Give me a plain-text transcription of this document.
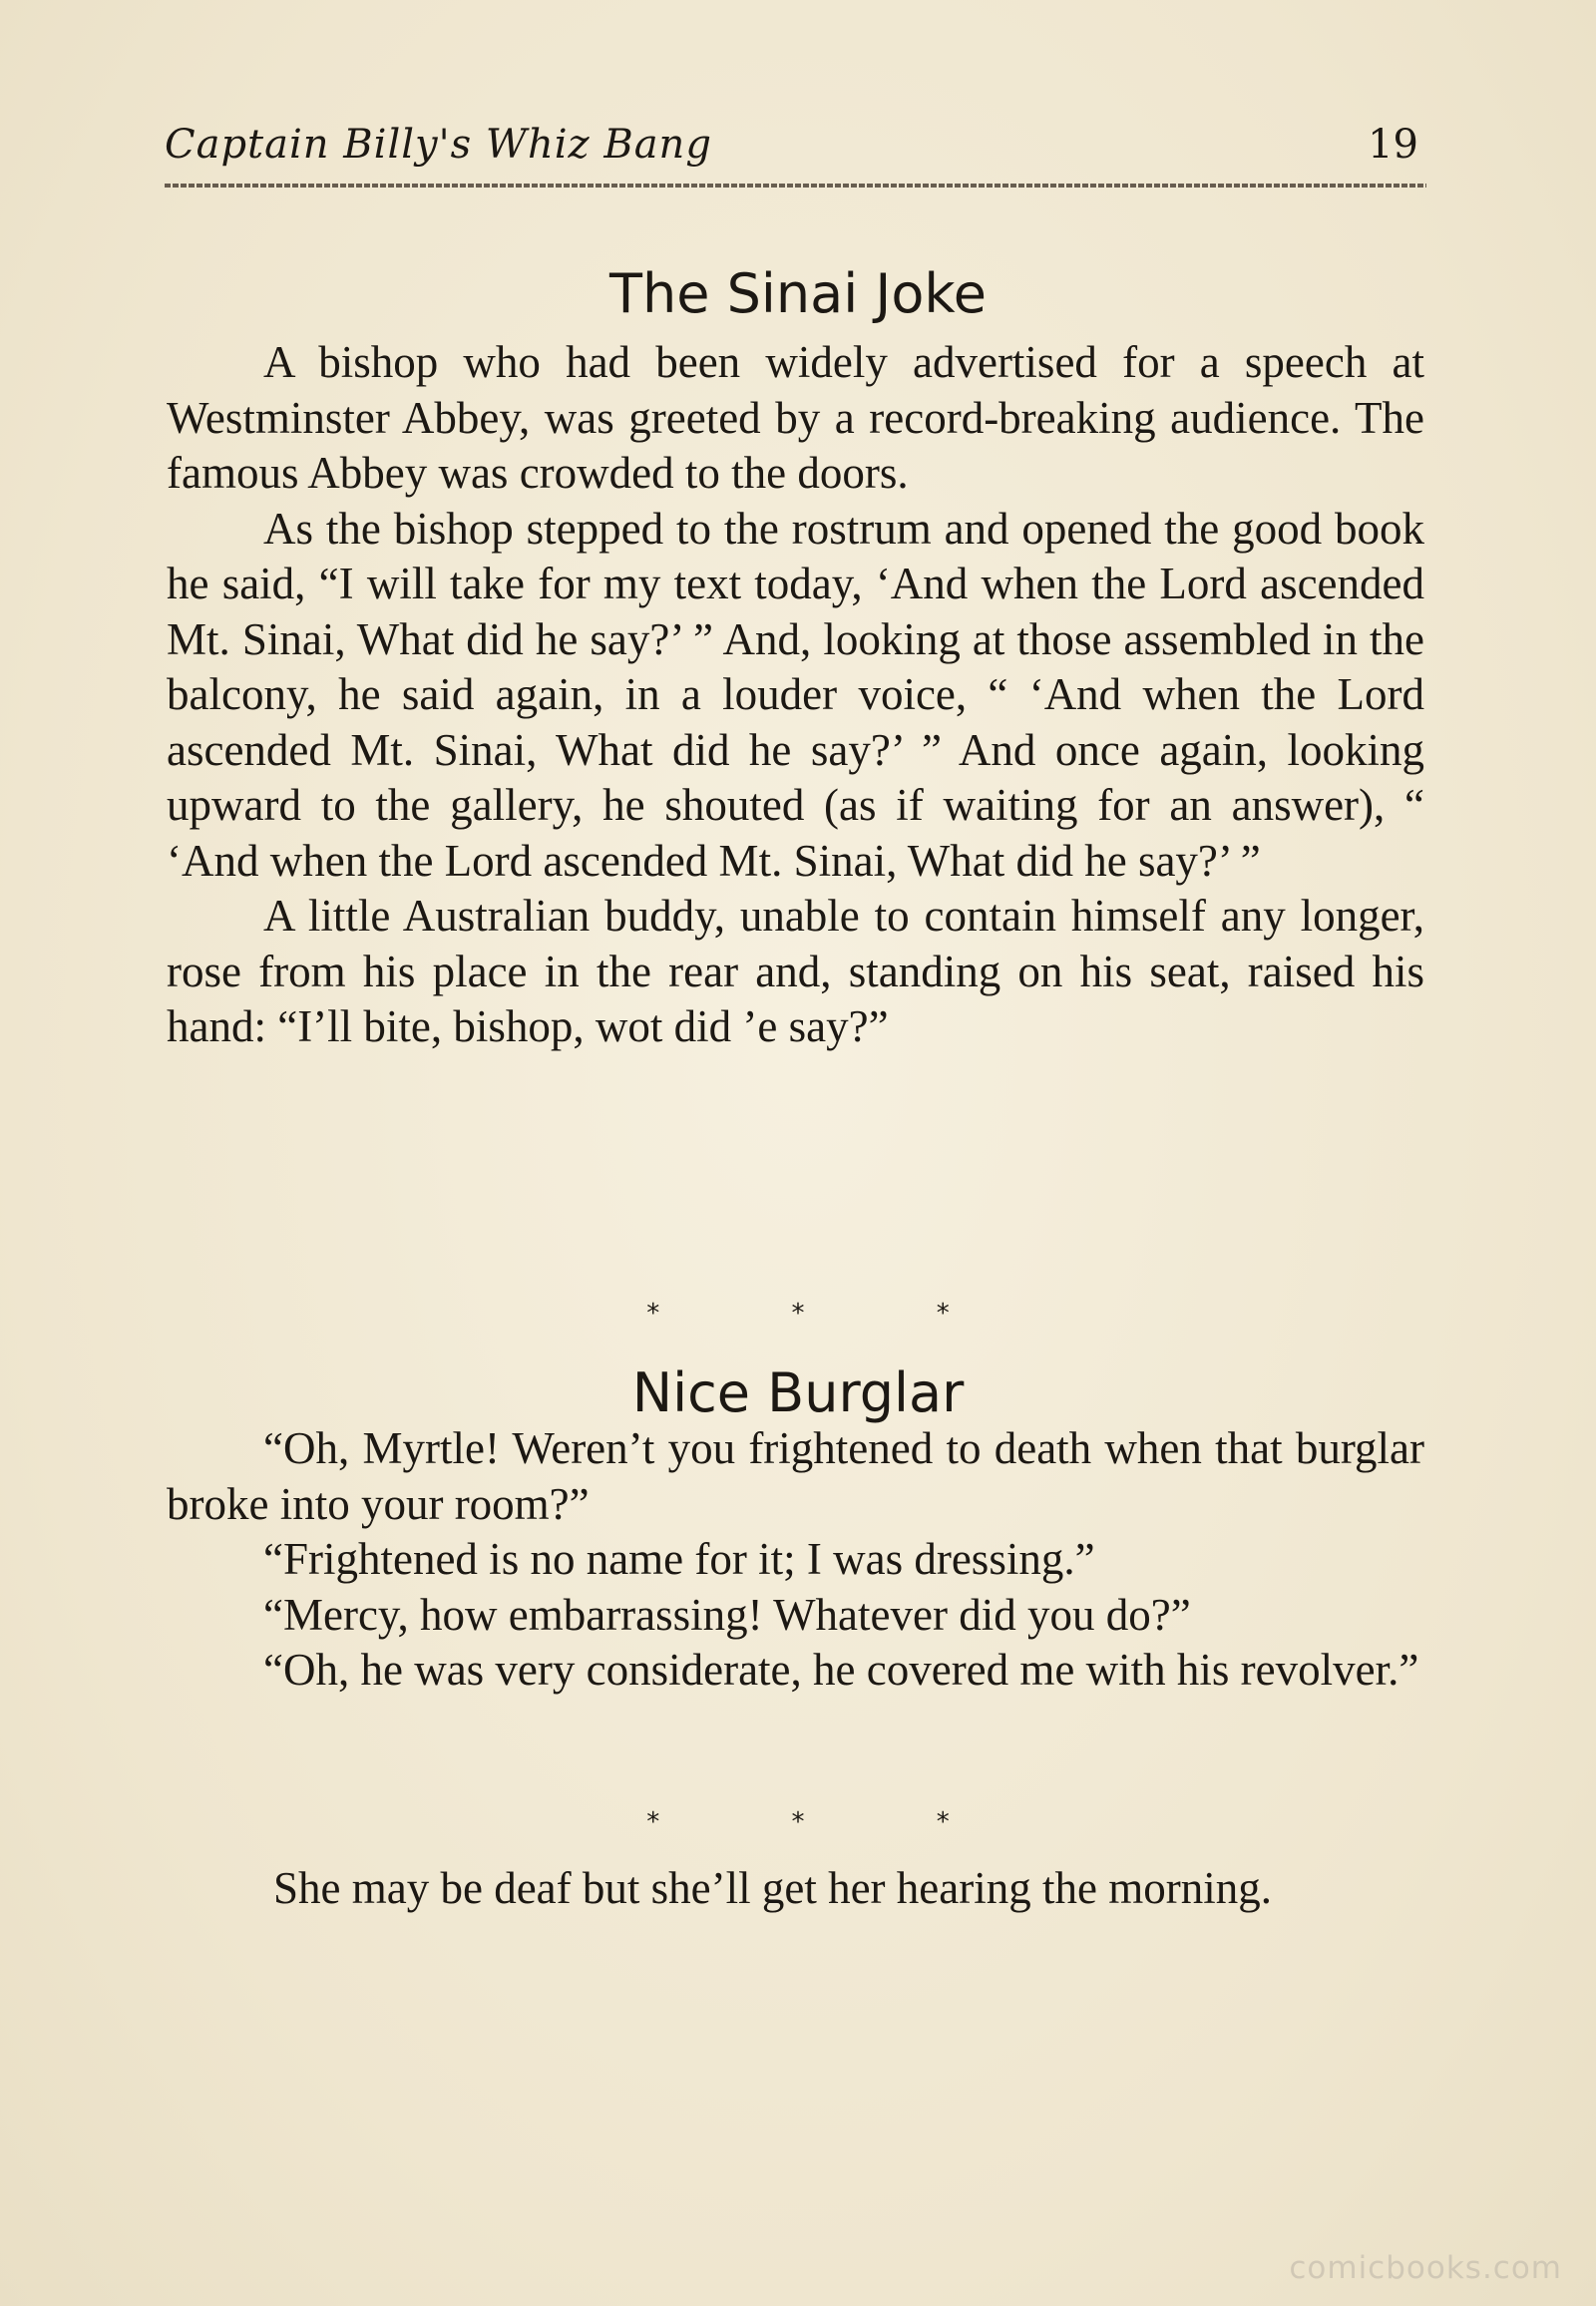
Captain Billy's Whiz Bang	19
The Sinai Joke

A bishop who had been widely advertised for a speech at Westminster Abbey, was greeted by a record-breaking audience. The famous Abbey was crowded to the doors.

As the bishop stepped to the rostrum and opened the good book he said, “I will take for my text today, ‘And when the Lord ascended Mt. Sinai, What did he say?’ ” And, looking at those assembled in the balcony, he said again, in a louder voice, “ ‘And when the Lord ascended Mt. Sinai, What did he say?’ ” And once again, looking upward to the gallery, he shouted (as if waiting for an answer), “ ‘And when the Lord ascended Mt. Sinai, What did he say?’ ”

A little Australian buddy, unable to contain himself any longer, rose from his place in the rear and, standing on his seat, raised his hand: “I’ll bite, bishop, wot did ’e say?”

* * *
Nice Burglar

“Oh, Myrtle! Weren’t you frightened to death when that burglar broke into your room?”

“Frightened is no name for it; I was dressing.”

“Mercy, how embarrassing! Whatever did you do?”

“Oh, he was very considerate, he covered me with his revolver.”

* * *

She may be deaf but she’ll get her hearing the morning.

comicbooks.com
